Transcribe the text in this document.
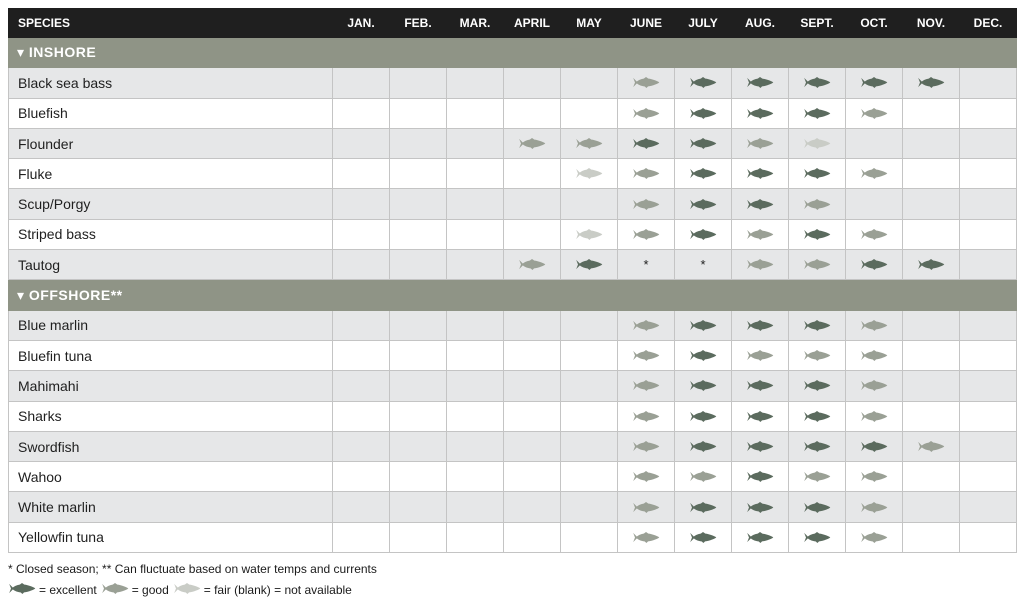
SPECIES	JAN.	FEB.	MAR.	APRIL	MAY	JUNE	JULY	AUG.	SEPT.	OCT.	NOV.	DEC.
▾ INSHORE												
Black sea bass						

Bluefish						

Flounder				

Fluke					

Scup/Porgy						

Striped bass					

Tautog						*	*	

▾ OFFSHORE**												
Blue marlin						

Bluefin tuna						

Mahimahi						

Sharks						

Swordfish						

Wahoo						

White marlin						

Yellowfin tuna						

* Closed season; ** Can fluctuate based on water temps and currents
= excellent	= good	= fair (blank) = not available
